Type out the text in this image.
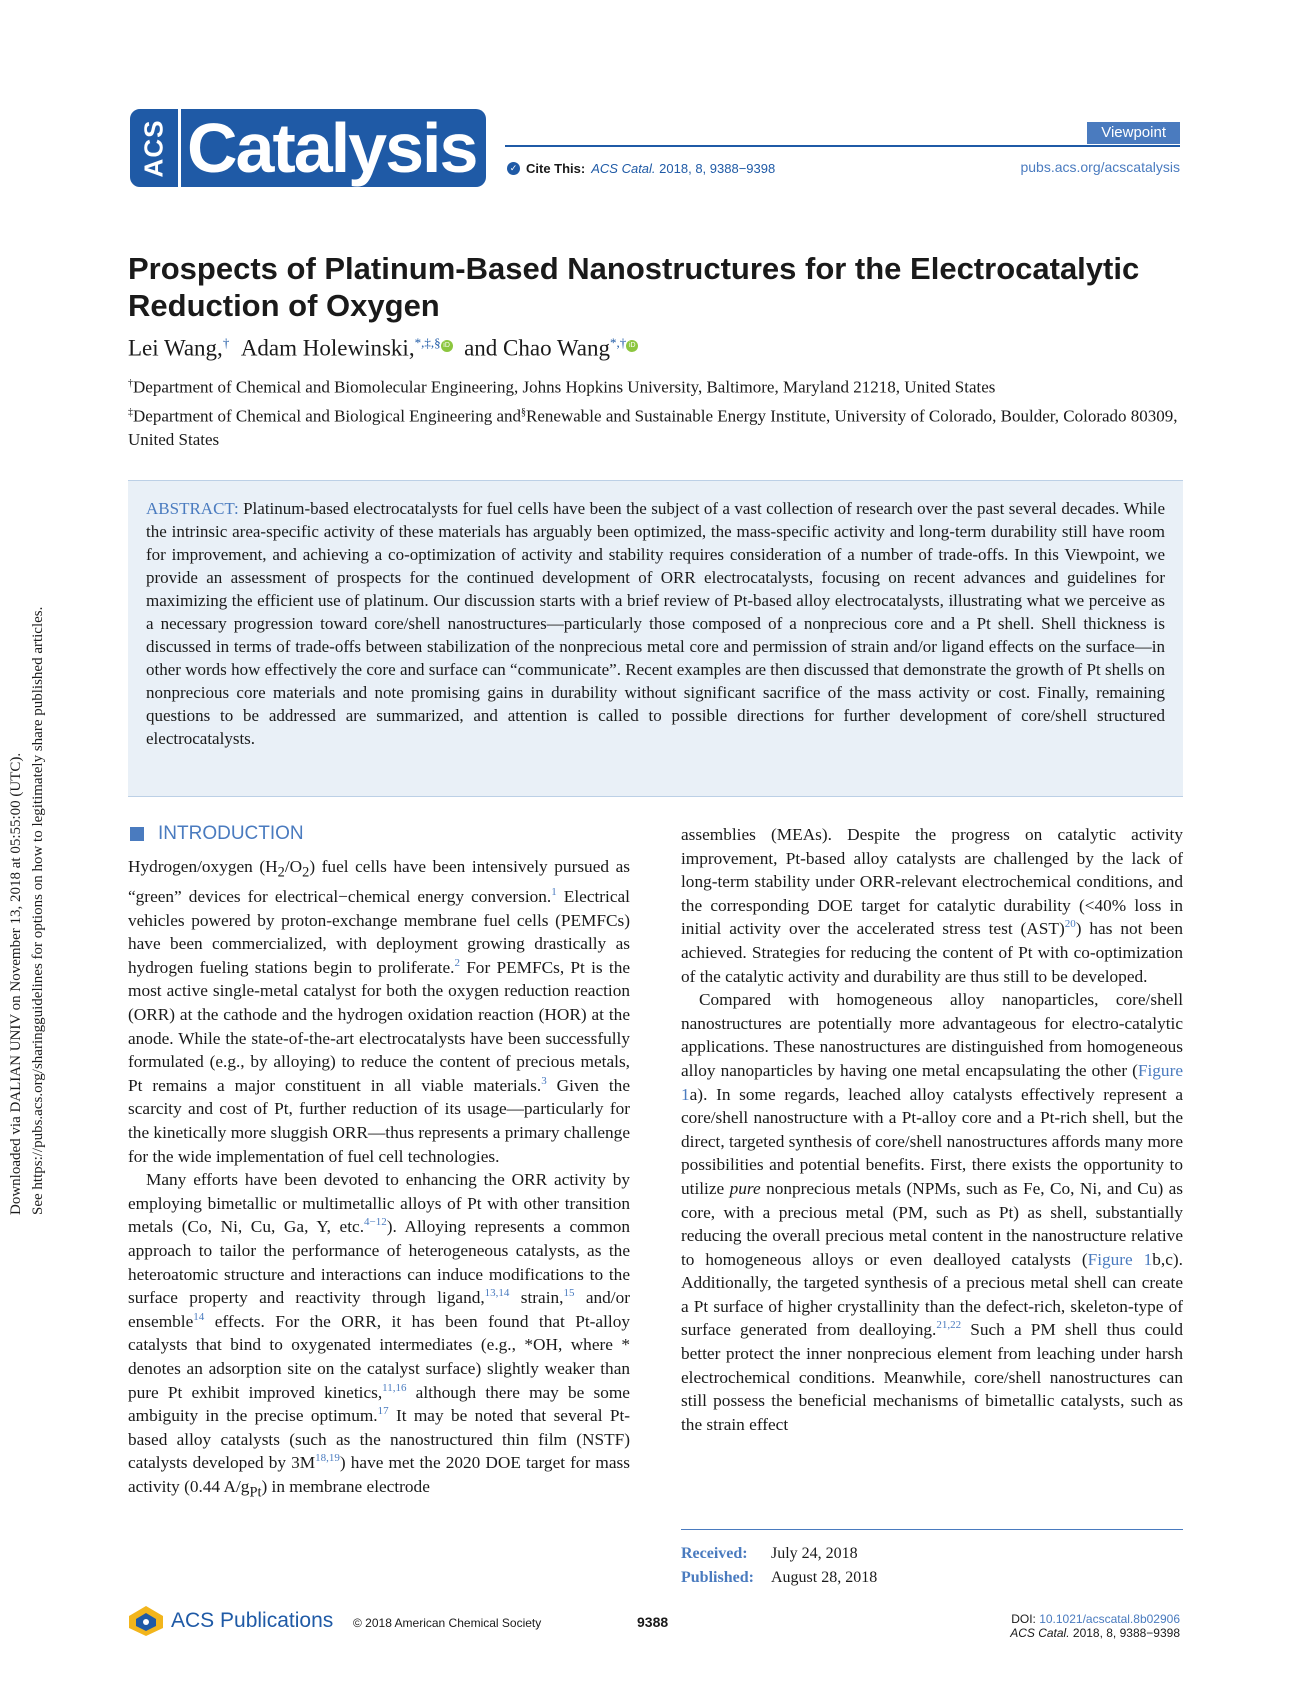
ACS Catalysis	Viewpoint
✓ Cite This: ACS Catal. 2018, 8, 9388−9398	pubs.acs.org/acscatalysis
Downloaded via DALIAN UNIV on November 13, 2018 at 05:55:00 (UTC). See https://pubs.acs.org/sharingguidelines for options on how to legitimately share published articles.
Prospects of Platinum-Based Nanostructures for the Electrocatalytic Reduction of Oxygen
Lei Wang,† Adam Holewinski,*,‡,§ iD and Chao Wang*,† iD
†Department of Chemical and Biomolecular Engineering, Johns Hopkins University, Baltimore, Maryland 21218, United States
‡Department of Chemical and Biological Engineering and§Renewable and Sustainable Energy Institute, University of Colorado, Boulder, Colorado 80309, United States
ABSTRACT: Platinum-based electrocatalysts for fuel cells have been the subject of a vast collection of research over the past several decades. While the intrinsic area-specific activity of these materials has arguably been optimized, the mass-specific activity and long-term durability still have room for improvement, and achieving a co-optimization of activity and stability requires consideration of a number of trade-offs. In this Viewpoint, we provide an assessment of prospects for the continued development of ORR electrocatalysts, focusing on recent advances and guidelines for maximizing the efficient use of platinum. Our discussion starts with a brief review of Pt-based alloy electrocatalysts, illustrating what we perceive as a necessary progression toward core/shell nanostructures—particularly those composed of a nonprecious core and a Pt shell. Shell thickness is discussed in terms of trade-offs between stabilization of the nonprecious metal core and permission of strain and/or ligand effects on the surface—in other words how effectively the core and surface can “communicate”. Recent examples are then discussed that demonstrate the growth of Pt shells on nonprecious core materials and note promising gains in durability without significant sacrifice of the mass activity or cost. Finally, remaining questions to be addressed are summarized, and attention is called to possible directions for further development of core/shell structured electrocatalysts.
INTRODUCTION

Hydrogen/oxygen $(H_2/O_2)$ fuel cells have been intensively pursued as “green” devices for electrical−chemical energy conversion.$^1$ Electrical vehicles powered by proton-exchange membrane fuel cells (PEMFCs) have been commercialized, with deployment growing drastically as hydrogen fueling stations begin to proliferate.$^2$ For PEMFCs, Pt is the most active single-metal catalyst for both the oxygen reduction reaction (ORR) at the cathode and the hydrogen oxidation reaction (HOR) at the anode. While the state-of-the-art electrocatalysts have been successfully formulated (e.g., by alloying) to reduce the content of precious metals, Pt remains a major constituent in all viable materials.$^3$ Given the scarcity and cost of Pt, further reduction of its usage—particularly for the kinetically more sluggish ORR—thus represents a primary challenge for the wide implementation of fuel cell technologies.

Many efforts have been devoted to enhancing the ORR activity by employing bimetallic or multimetallic alloys of Pt with other transition metals (Co, Ni, Cu, Ga, Y, etc.$^{4-12}$). Alloying represents a common approach to tailor the performance of heterogeneous catalysts, as the heteroatomic structure and interactions can induce modifications to the surface property and reactivity through ligand,$^{13,14}$ strain,$^{15}$ and/or ensemble$^{14}$ effects. For the ORR, it has been found that Pt-alloy catalysts that bind to oxygenated intermediates (e.g., *OH, where * denotes an adsorption site on the catalyst surface) slightly weaker than pure Pt exhibit improved kinetics,$^{11,16}$ although there may be some ambiguity in the precise optimum.$^{17}$ It may be noted that several Pt-based alloy catalysts (such as the nanostructured thin film (NSTF) catalysts developed by 3M$^{18,19}$) have met the 2020 DOE target for mass activity (0.44 $A/g_{Pt}$) in membrane electrode

assemblies (MEAs). Despite the progress on catalytic activity improvement, Pt-based alloy catalysts are challenged by the lack of long-term stability under ORR-relevant electrochemical conditions, and the corresponding DOE target for catalytic durability (<40% loss in initial activity over the accelerated stress test (AST)$^{20}$) has not been achieved. Strategies for reducing the content of Pt with co-optimization of the catalytic activity and durability are thus still to be developed.

Compared with homogeneous alloy nanoparticles, core/shell nanostructures are potentially more advantageous for electro-catalytic applications. These nanostructures are distinguished from homogeneous alloy nanoparticles by having one metal encapsulating the other (Figure 1a). In some regards, leached alloy catalysts effectively represent a core/shell nanostructure with a Pt-alloy core and a Pt-rich shell, but the direct, targeted synthesis of core/shell nanostructures affords many more possibilities and potential benefits. First, there exists the opportunity to utilize pure nonprecious metals (NPMs, such as Fe, Co, Ni, and Cu) as core, with a precious metal (PM, such as Pt) as shell, substantially reducing the overall precious metal content in the nanostructure relative to homogeneous alloys or even dealloyed catalysts (Figure 1b,c). Additionally, the targeted synthesis of a precious metal shell can create a Pt surface of higher crystallinity than the defect-rich, skeleton-type of surface generated from dealloying.$^{21,22}$ Such a PM shell thus could better protect the inner nonprecious element from leaching under harsh electrochemical conditions. Meanwhile, core/shell nanostructures can still possess the beneficial mechanisms of bimetallic catalysts, such as the strain effect

Received: July 24, 2018
Published: August 28, 2018
ACS Publications © 2018 American Chemical Society	9388	DOI: 10.1021/acscatal.8b02906
ACS Catal. 2018, 8, 9388−9398
